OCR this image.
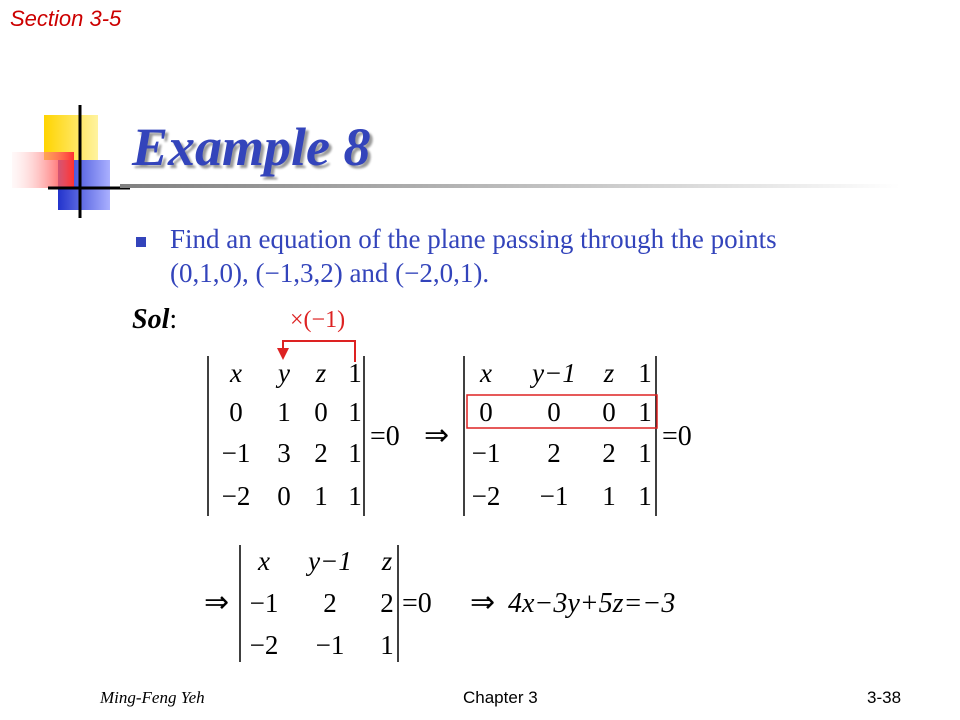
Section 3-5
Example 8
Find an equation of the plane passing through the points
(0,1,0), (−1,3,2) and (−2,0,1).
Sol:	×(−1)
x y z 1
0 1 0 1
−1 3 2 1
−2 0 1 1
=0 ⇒
x y−1 z 1
0 0 0 1
−1 2 2 1
−2 −1 1 1
=0
⇒
x y−1 z
−1 2 2
−2 −1 1
=0 ⇒ 4x−3y+5z=−3
Ming-Feng Yeh	Chapter 3	3-38
